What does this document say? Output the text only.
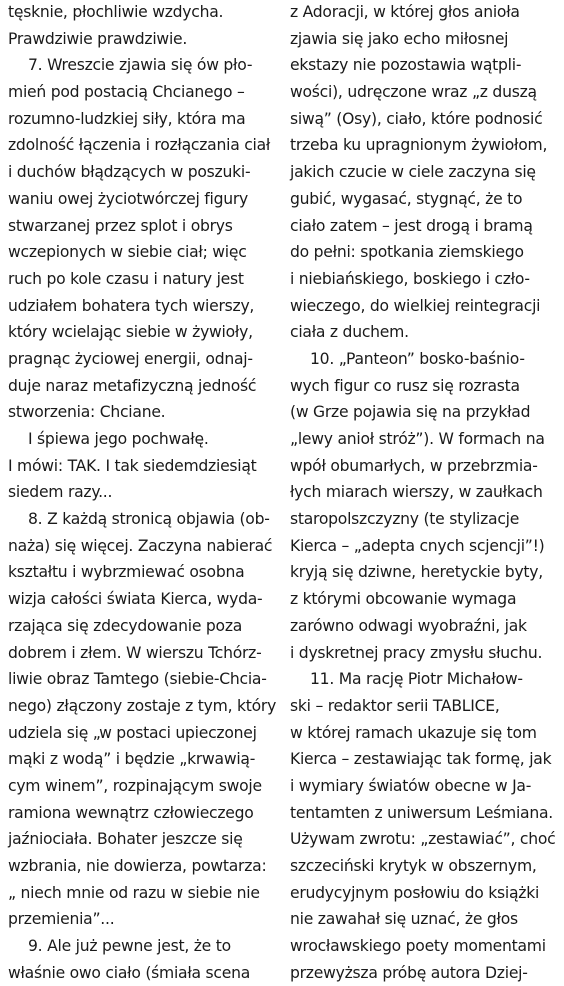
tęsknie, płochliwie wzdycha.
Prawdziwie prawdziwie.
7. Wreszcie zjawia się ów pło-
mień pod postacią Chcianego –
rozumno-ludzkiej siły, która ma
zdolność łączenia i rozłączania ciał
i duchów błądzących w poszuki-
waniu owej życiotwórczej figury
stwarzanej przez splot i obrys
wczepionych w siebie ciał; więc
ruch po kole czasu i natury jest
udziałem bohatera tych wierszy,
który wcielając siebie w żywioły,
pragnąc życiowej energii, odnaj-
duje naraz metafizyczną jedność
stworzenia: Chciane.
I śpiewa jego pochwałę.
I mówi: TAK. I tak siedemdziesiąt
siedem razy...
8. Z każdą stronicą objawia (ob-
naża) się więcej. Zaczyna nabierać
kształtu i wybrzmiewać osobna
wizja całości świata Kierca, wyda-
rzająca się zdecydowanie poza
dobrem i złem. W wierszu Tchórz-
liwie obraz Tamtego (siebie-Chcia-
nego) złączony zostaje z tym, który
udziela się „w postaci upieczonej
mąki z wodą” i będzie „krwawią-
cym winem”, rozpinającym swoje
ramiona wewnątrz człowieczego
jaźniociała. Bohater jeszcze się
wzbrania, nie dowierza, powtarza:
„ niech mnie od razu w siebie nie
przemienia”...
9. Ale już pewne jest, że to
właśnie owo ciało (śmiała scena
z Adoracji, w której głos anioła
zjawia się jako echo miłosnej
ekstazy nie pozostawia wątpli-
wości), udręczone wraz „z duszą
siwą” (Osy), ciało, które podnosić
trzeba ku upragnionym żywiołom,
jakich czucie w ciele zaczyna się
gubić, wygasać, stygnąć, że to
ciało zatem – jest drogą i bramą
do pełni: spotkania ziemskiego
i niebiańskiego, boskiego i czło-
wieczego, do wielkiej reintegracji
ciała z duchem.
10. „Panteon” bosko-baśnio-
wych figur co rusz się rozrasta
(w Grze pojawia się na przykład
„lewy anioł stróż”). W formach na
wpół obumarłych, w przebrzmia-
łych miarach wierszy, w zaułkach
staropolszczyzny (te stylizacje
Kierca – „adepta cnych scjencji”!)
kryją się dziwne, heretyckie byty,
z którymi obcowanie wymaga
zarówno odwagi wyobraźni, jak
i dyskretnej pracy zmysłu słuchu.
11. Ma rację Piotr Michałow-
ski – redaktor serii TABLICE,
w której ramach ukazuje się tom
Kierca – zestawiając tak formę, jak
i wymiary światów obecne w Ja-
tentamten z uniwersum Leśmiana.
Używam zwrotu: „zestawiać”, choć
szczeciński krytyk w obszernym,
erudycyjnym posłowiu do książki
nie zawahał się uznać, że głos
wrocławskiego poety momentami
przewyższa próbę autora Dziej-
